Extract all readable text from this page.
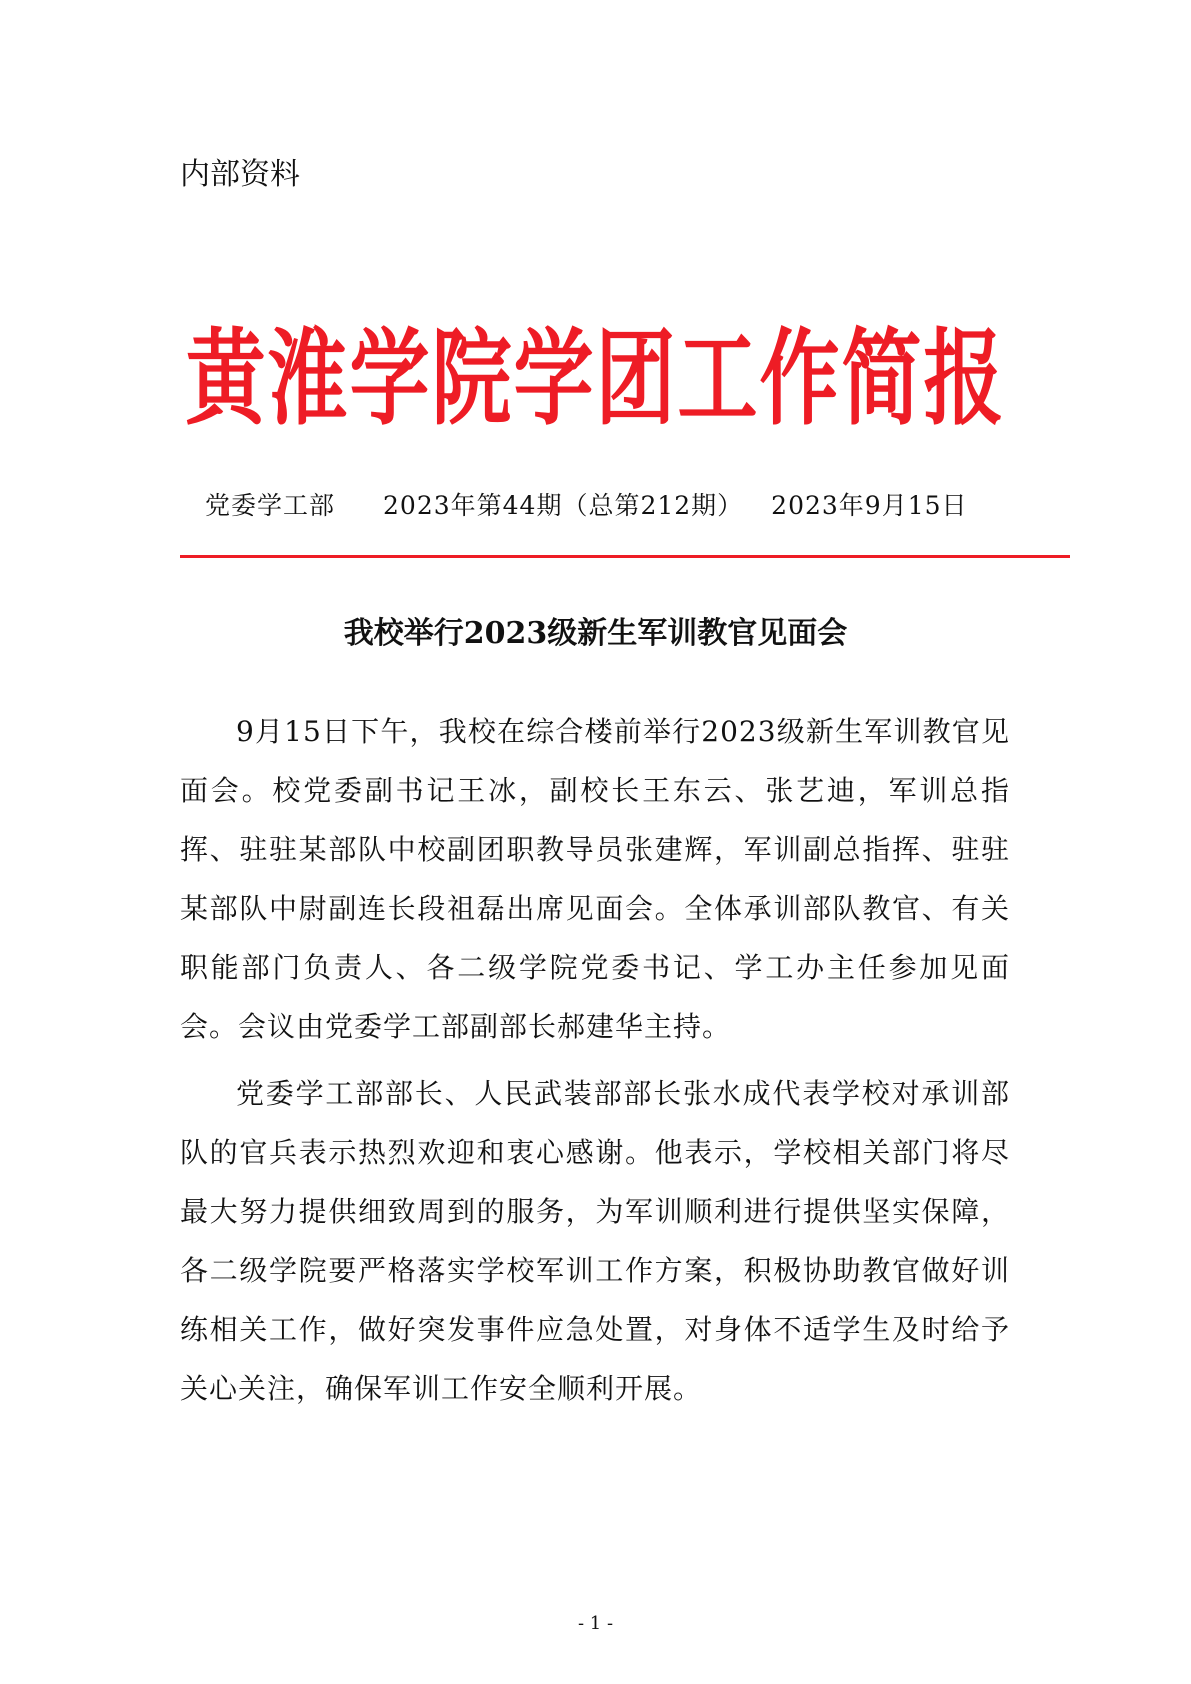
内部资料

黄淮学院学团工作简报
党委学工部 2023年第44期（总第212期） 2023年9月15日
我校举行2023级新生军训教官见面会

9月15日下午，我校在综合楼前举行2023级新生军训教官见面会。校党委副书记王冰，副校长王东云、张艺迪，军训总指挥、驻驻某部队中校副团职教导员张建辉，军训副总指挥、驻驻某部队中尉副连长段祖磊出席见面会。全体承训部队教官、有关职能部门负责人、各二级学院党委书记、学工办主任参加见面会。会议由党委学工部副部长郝建华主持。

党委学工部部长、人民武装部部长张水成代表学校对承训部队的官兵表示热烈欢迎和衷心感谢。他表示，学校相关部门将尽最大努力提供细致周到的服务，为军训顺利进行提供坚实保障，各二级学院要严格落实学校军训工作方案，积极协助教官做好训练相关工作，做好突发事件应急处置，对身体不适学生及时给予关心关注，确保军训工作安全顺利开展。

- 1 -
